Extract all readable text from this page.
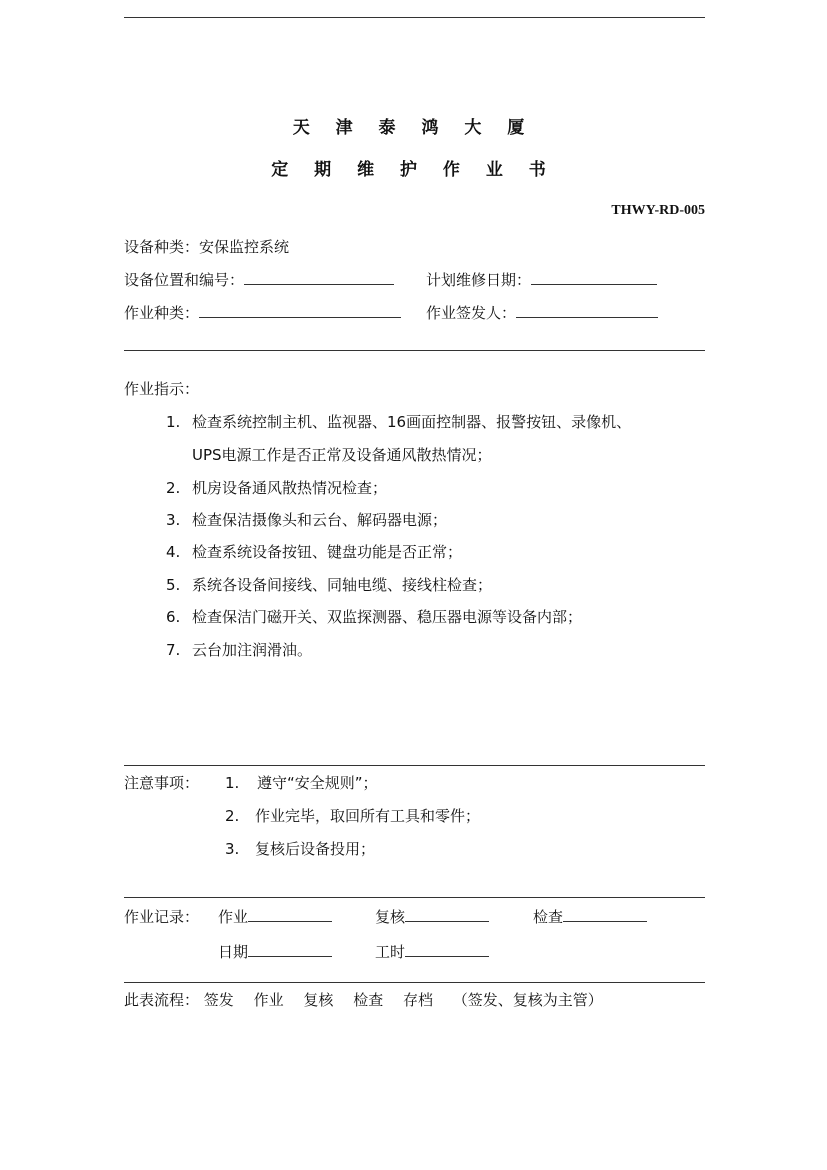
天 津 泰 鸿 大 厦
定 期 维 护 作 业 书
THWY-RD-005
设备种类：安保监控系统
设备位置和编号：	计划维修日期：
作业种类：	作业签发人：
作业指示：
1. 检查系统控制主机、监视器、16画面控制器、报警按钮、录像机、
UPS电源工作是否正常及设备通风散热情况；
2. 机房设备通风散热情况检查；
3. 检查保洁摄像头和云台、解码器电源；
4. 检查系统设备按钮、键盘功能是否正常；
5. 系统各设备间接线、同轴电缆、接线柱检查；
6. 检查保洁门磁开关、双监探测器、稳压器电源等设备内部；
7. 云台加注润滑油。
注意事项： 1. 遵守“安全规则”；
2. 作业完毕，取回所有工具和零件；
3. 复核后设备投用；
作业记录： 作业	复核	检查
日期	工时
此表流程： 签发 作业 复核 检查 存档 （签发、复核为主管）
